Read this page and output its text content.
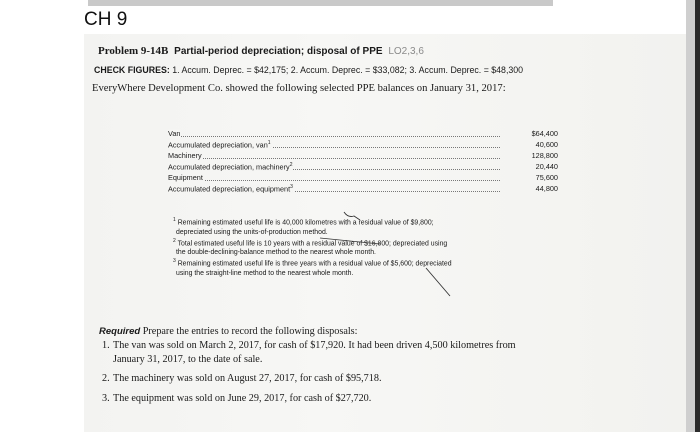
CH 9
Problem 9-14B Partial-period depreciation; disposal of PPE LO2,3,6
CHECK FIGURES: 1. Accum. Deprec. = $42,175; 2. Accum. Deprec. = $33,082; 3. Accum. Deprec. = $48,300
EveryWhere Development Co. showed the following selected PPE balances on January 31, 2017:
Van	$64,400
Accumulated depreciation, van$^1$	40,600
Machinery	128,800
Accumulated depreciation, machinery$^2$	20,440
Equipment	75,600
Accumulated depreciation, equipment$^3$	44,800
$^1$ Remaining estimated useful life is 40,000 kilometres with a residual value of $9,800;
depreciated using the units-of-production method.
$^2$ Total estimated useful life is 10 years with a residual value of $16,800; depreciated using
the double-declining-balance method to the nearest whole month.
$^3$ Remaining estimated useful life is three years with a residual value of $5,600; depreciated
using the straight-line method to the nearest whole month.
Required Prepare the entries to record the following disposals:
1. The van was sold on March 2, 2017, for cash of $17,920. It had been driven 4,500 kilometres from
January 31, 2017, to the date of sale.
2. The machinery was sold on August 27, 2017, for cash of $95,718.
3. The equipment was sold on June 29, 2017, for cash of $27,720.
